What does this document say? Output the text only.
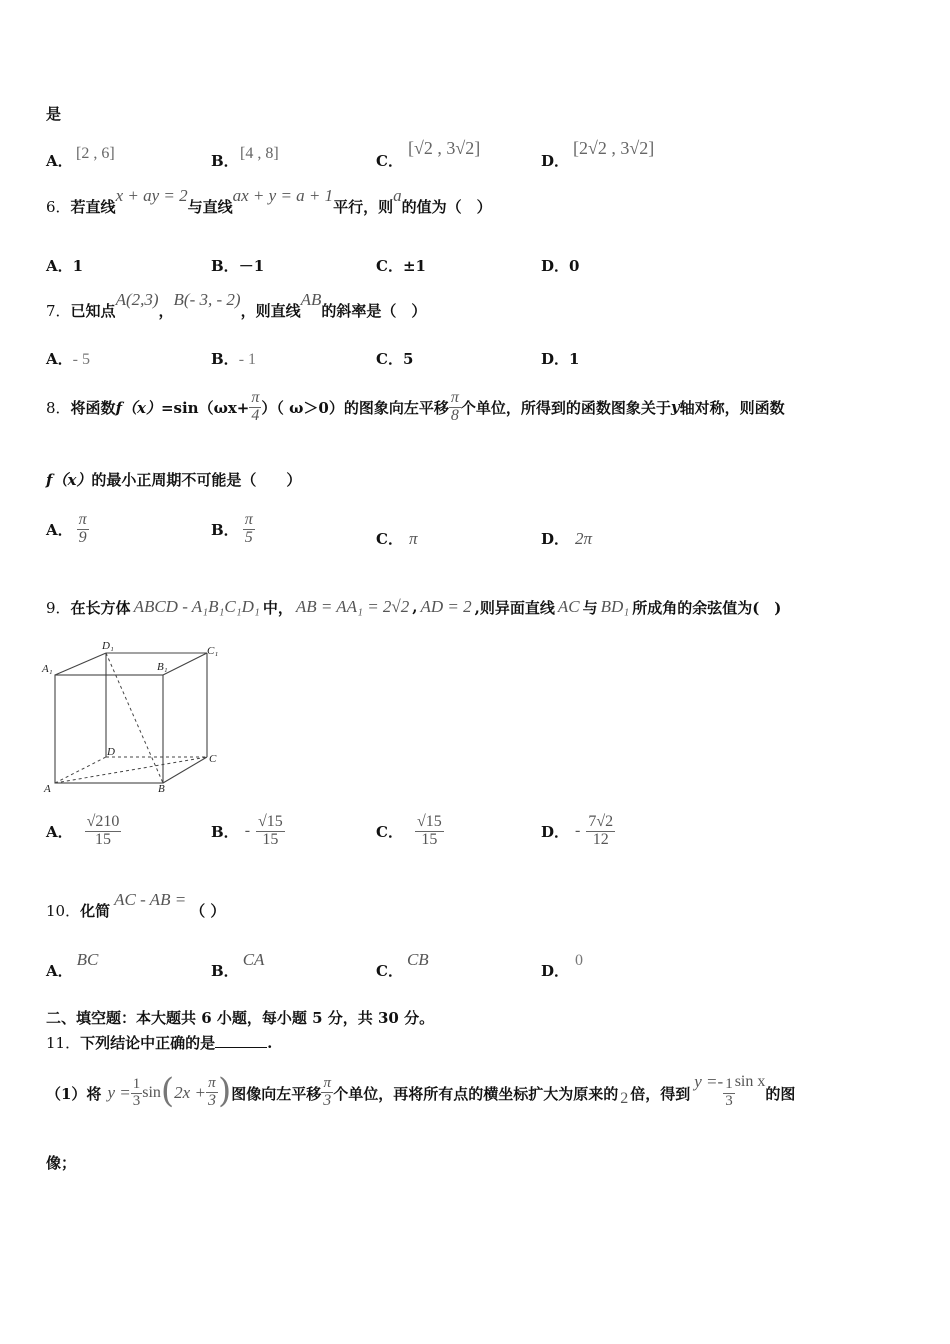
是
A． [2 , 6]	B． [4 , 8]	C．
[√2 , 3√2]
D．
[2√2 , 3√2]
6．若直线x + ay = 2与直线ax + y = a + 1平行，则a的值为（　）
A．1	B．－1	C．±1	D．0
7．已知点A(2,3)，B(- 3, - 2)，则直线AB的斜率是（　）
A．- 5	B．- 1	C．5	D．1
8． 将函数 $f(x) =\sin(\omega x+ \frac{\pi}{4}$ ）（ ω＞0）的图象向左平移 $\frac{\pi}{8}$ 个单位，所得到的函数图象关于 y 轴对称，则函数
f（x）的最小正周期不可能是（　　）
A． $\frac{\pi}{9}$	B． $\frac{\pi}{5}$	C． π	D． 2π
9． 在长方体 ABCD - A₁B₁C₁D₁ 中， AB = AA₁ = 2√2 , AD = 2 ,则异面直线 AC 与 BD₁ 所成角的余弦值为(　)
A₁
D₁
B₁
C₁
D
C
A	B
A． $\frac{√210}{15}$	B． - $\frac{√15}{15}$	C． $\frac{√15}{15}$	D． - $\frac{7√2}{12}$
10．化简AC - AB =（ ）
A．BC
B．CA
C．CB
D．0
二、填空题：本大题共 6 小题，每小题 5 分，共 30 分。
11．下列结论中正确的是	.
（1）将 $y = \frac{1}{3}$ sin ( $2x + \frac{\pi}{3}$ ) 图像向左平移 $\frac{\pi}{3}$ 个单位，再将所有点的横坐标扩大为原来的 2 倍，得到
$y =- \frac{1}{3}$ sin x
的图
像；
